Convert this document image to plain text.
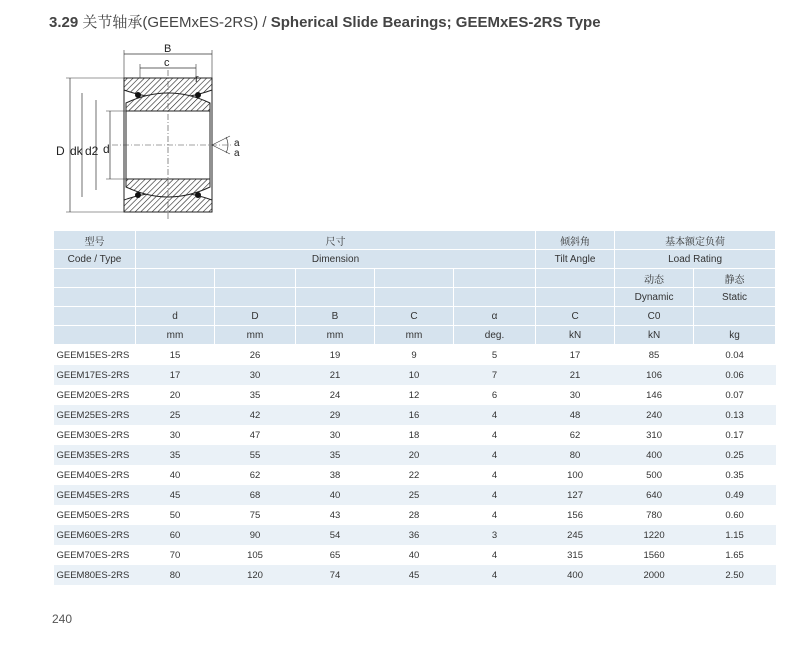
3.29 关节轴承(GEEMxES-2RS) / Spherical Slide Bearings; GEEMxES-2RS Type
B
c
r
D dk d2 d	a
a
型号	尺寸					倾斜角	基本额定负荷	
Code / Type	Dimension					Tilt Angle	Load Rating	
							动态	静态	
							Dynamic	Static	
	d	D	B	C	α	C	C0		
	mm	mm	mm	mm	deg.	kN	kN	kg	
GEEM15ES-2RS	15	26	19	9	5	17	85	0.04	
GEEM17ES-2RS	17	30	21	10	7	21	106	0.06	
GEEM20ES-2RS	20	35	24	12	6	30	146	0.07	
GEEM25ES-2RS	25	42	29	16	4	48	240	0.13	
GEEM30ES-2RS	30	47	30	18	4	62	310	0.17	
GEEM35ES-2RS	35	55	35	20	4	80	400	0.25	
GEEM40ES-2RS	40	62	38	22	4	100	500	0.35	
GEEM45ES-2RS	45	68	40	25	4	127	640	0.49	
GEEM50ES-2RS	50	75	43	28	4	156	780	0.60	
GEEM60ES-2RS	60	90	54	36	3	245	1220	1.15	
GEEM70ES-2RS	70	105	65	40	4	315	1560	1.65	
GEEM80ES-2RS	80	120	74	45	4	400	2000	2.50	
240
